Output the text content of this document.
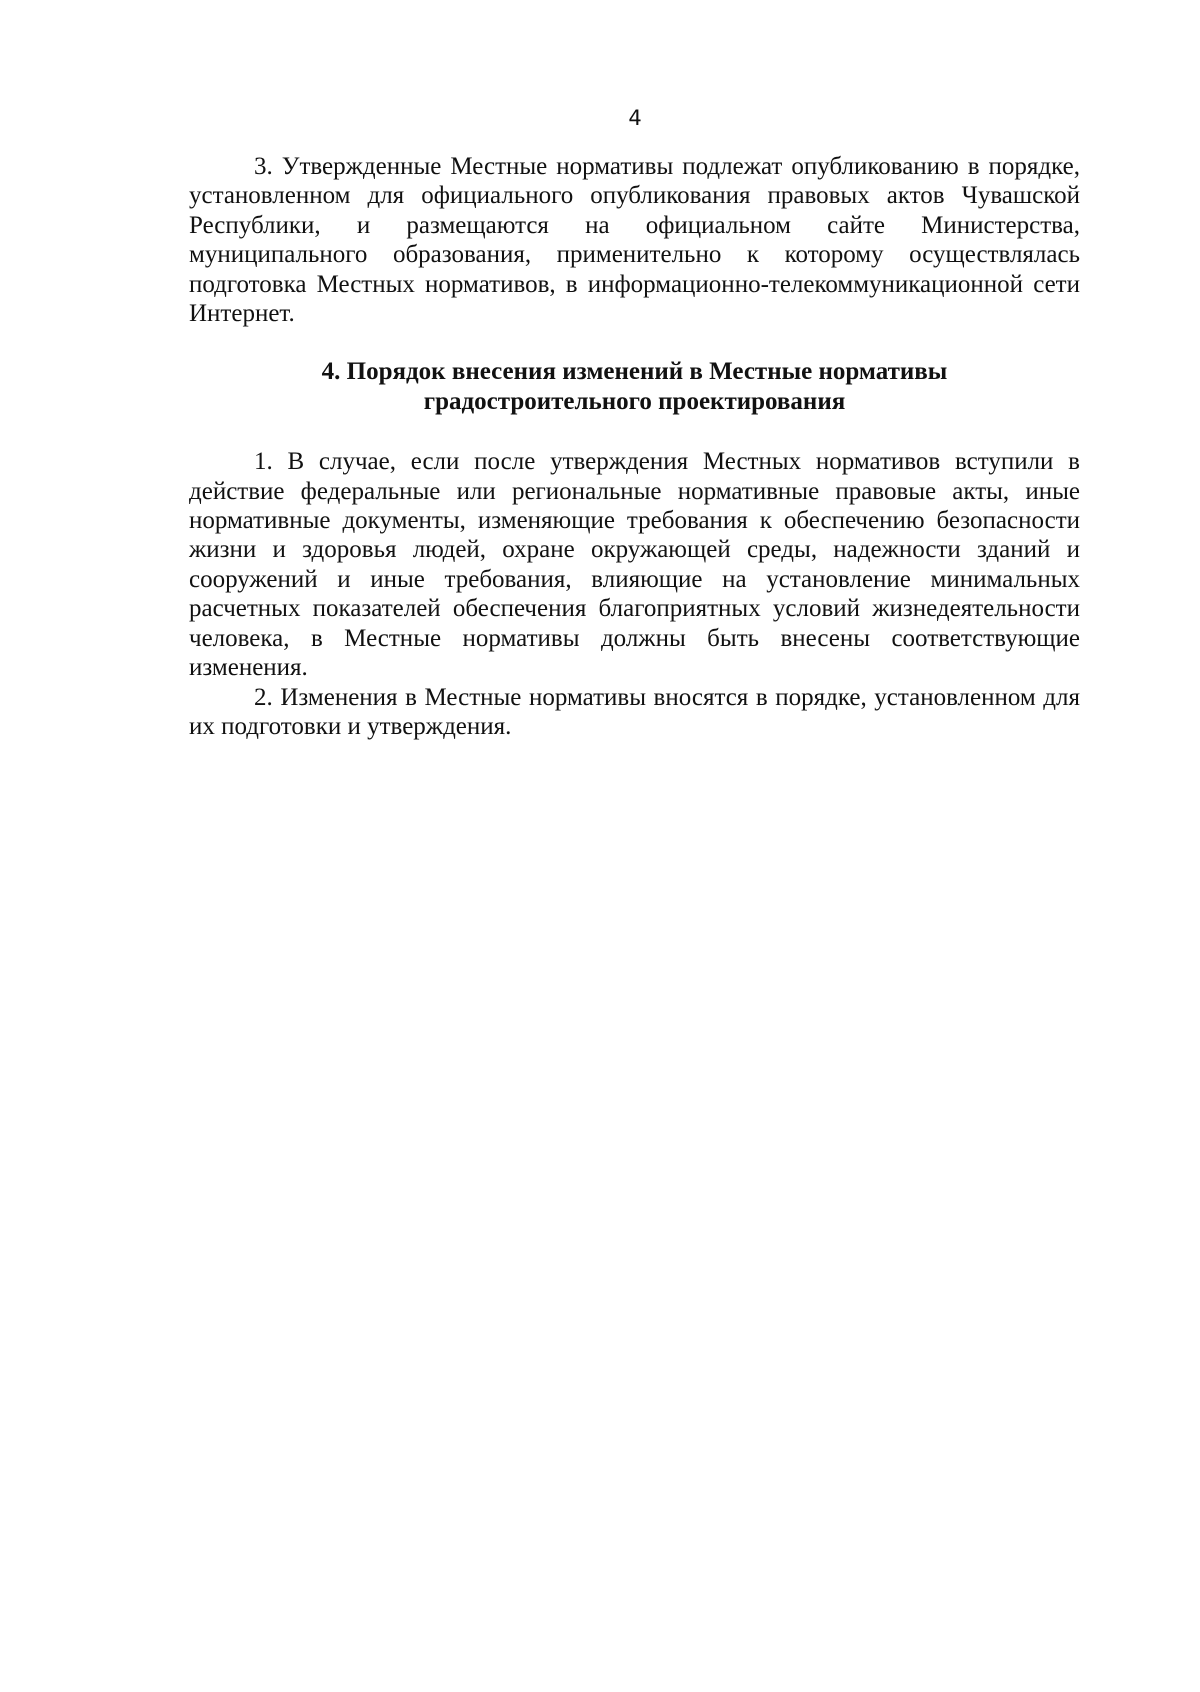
4

3. Утвержденные Местные нормативы подлежат опубликованию в порядке, установленном для официального опубликования правовых актов Чувашской Республики, и размещаются на официальном сайте Министерства, муниципального образования, применительно к которому осуществлялась подготовка Местных нормативов, в информационно-телекоммуникационной сети Интернет.

4. Порядок внесения изменений в Местные нормативы

градостроительного проектирования

1. В случае, если после утверждения Местных нормативов вступили в действие федеральные или региональные нормативные правовые акты, иные нормативные документы, изменяющие требования к обеспечению безопасности жизни и здоровья людей, охране окружающей среды, надежности зданий и сооружений и иные требования, влияющие на установление минимальных расчетных показателей обеспечения благоприятных условий жизнедеятельности человека, в Местные нормативы должны быть внесены соответствующие изменения.

2. Изменения в Местные нормативы вносятся в порядке, установленном для их подготовки и утверждения.
